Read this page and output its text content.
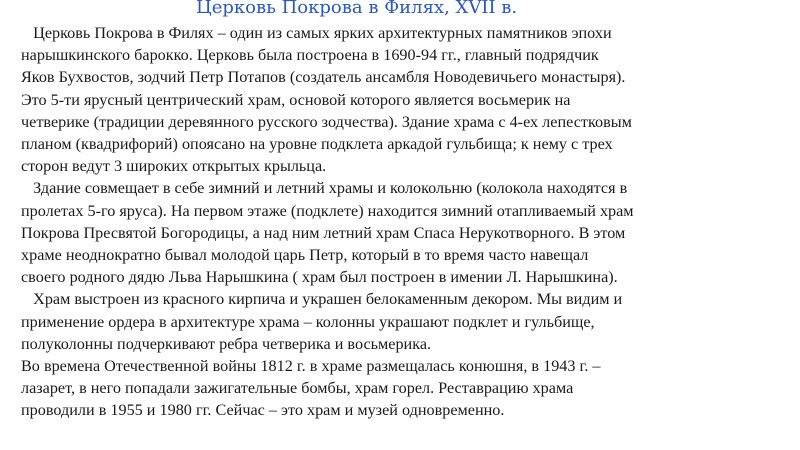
Церковь Покрова в Филях, XVII в.
Церковь Покрова в Филях – один из самых ярких архитектурных памятников эпохи
нарышкинского барокко. Церковь была построена в 1690-94 гг., главный подрядчик
Яков Бухвостов, зодчий Петр Потапов (создатель ансамбля Новодевичьего монастыря).
Это 5-ти ярусный центрический храм, основой которого является восьмерик на
четверике (традиции деревянного русского зодчества). Здание храма с 4-ех лепестковым
планом (квадрифорий) опоясано на уровне подклета аркадой гульбища; к нему с трех
сторон ведут 3 широких открытых крыльца.
Здание совмещает в себе зимний и летний храмы и колокольню (колокола находятся в
пролетах 5-го яруса). На первом этаже (подклете) находится зимний отапливаемый храм
Покрова Пресвятой Богородицы, а над ним летний храм Спаса Нерукотворного. В этом
храме неоднократно бывал молодой царь Петр, который в то время часто навещал
своего родного дядю Льва Нарышкина ( храм был построен в имении Л. Нарышкина).
Храм выстроен из красного кирпича и украшен белокаменным декором. Мы видим и
применение ордера в архитектуре храма – колонны украшают подклет и гульбище,
полуколонны подчеркивают ребра четверика и восьмерика.
Во времена Отечественной войны 1812 г. в храме размещалась конюшня, в 1943 г. –
лазарет, в него попадали зажигательные бомбы, храм горел. Реставрацию храма
проводили в 1955 и 1980 гг. Сейчас – это храм и музей одновременно.
